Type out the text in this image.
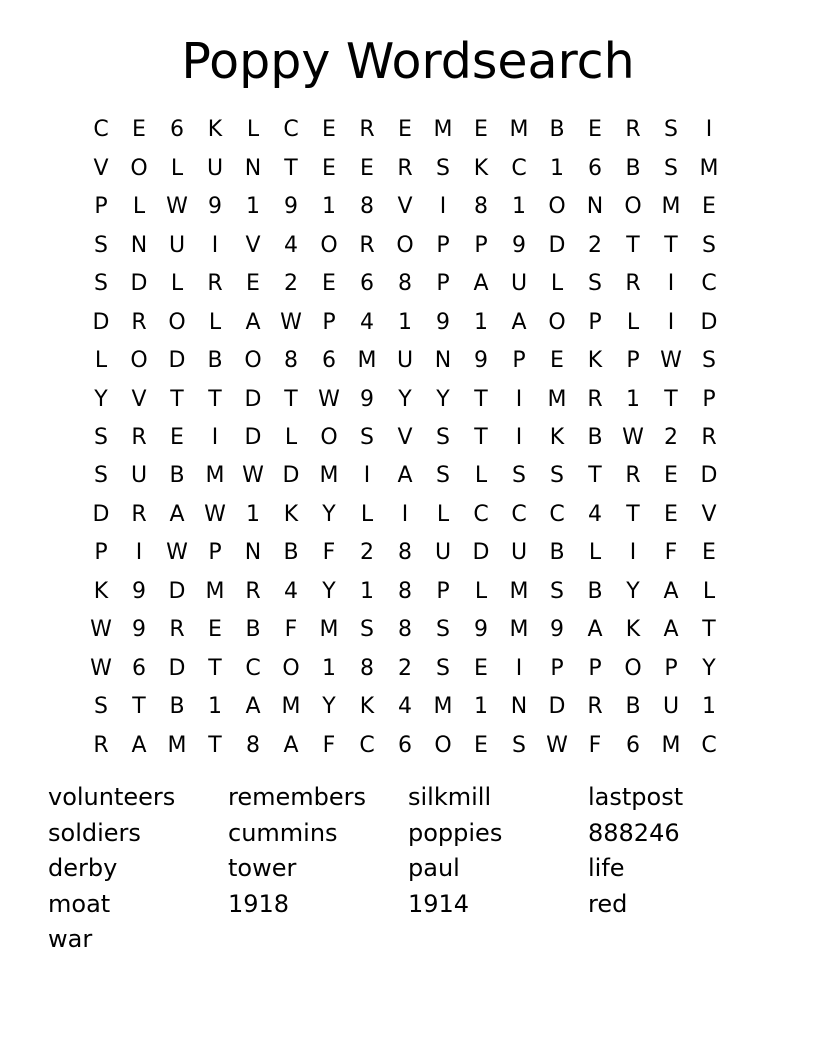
Poppy Wordsearch
C	E	6	K	L	C	E	R	E M E M B	E	R	S	I
V O	L	U N	T	E	E	R	S	K	C	1	6	B	S M
P	L W 9	1	9	1	8	V	I	8	1	O N O M E
S	N U	I	V	4	O R O	P	P	9	D	2	T	T	S
S	D	L	R	E	2	E	6	8	P	A	U	L	S	R	I	C
D R O	L	A W P	4	1	9	1	A O	P	L	I	D
L	O D B O	8	6 M U N	9	P	E	K	P W S
Y	V	T	T	D	T W 9	Y	Y	T	I	M R	1	T	P
S	R	E	I	D	L	O	S	V	S	T	I	K	B W 2	R
S	U	B M W D M	I	A	S	L	S	S	T	R	E	D
D R	A W 1	K	Y	L	I	L	C	C	C	4	T	E	V
P	I	W P	N	B	F	2	8	U D U	B	L	I	F	E
K	9	D M R	4	Y	1	8	P	L	M S	B	Y	A	L
W 9	R	E	B	F	M S	8	S	9 M 9	A	K	A	T
W 6	D	T	C O	1	8	2	S	E	I	P	P	O	P	Y
S	T	B	1	A M Y	K	4 M 1	N D R	B	U	1
R	A M T	8	A	F	C	6	O	E	S W F	6 M C
volunteers	remembers	silkmill	lastpost
soldiers	cummins	poppies	888246
derby	tower	paul	life
moat	1918	1914	red
war
